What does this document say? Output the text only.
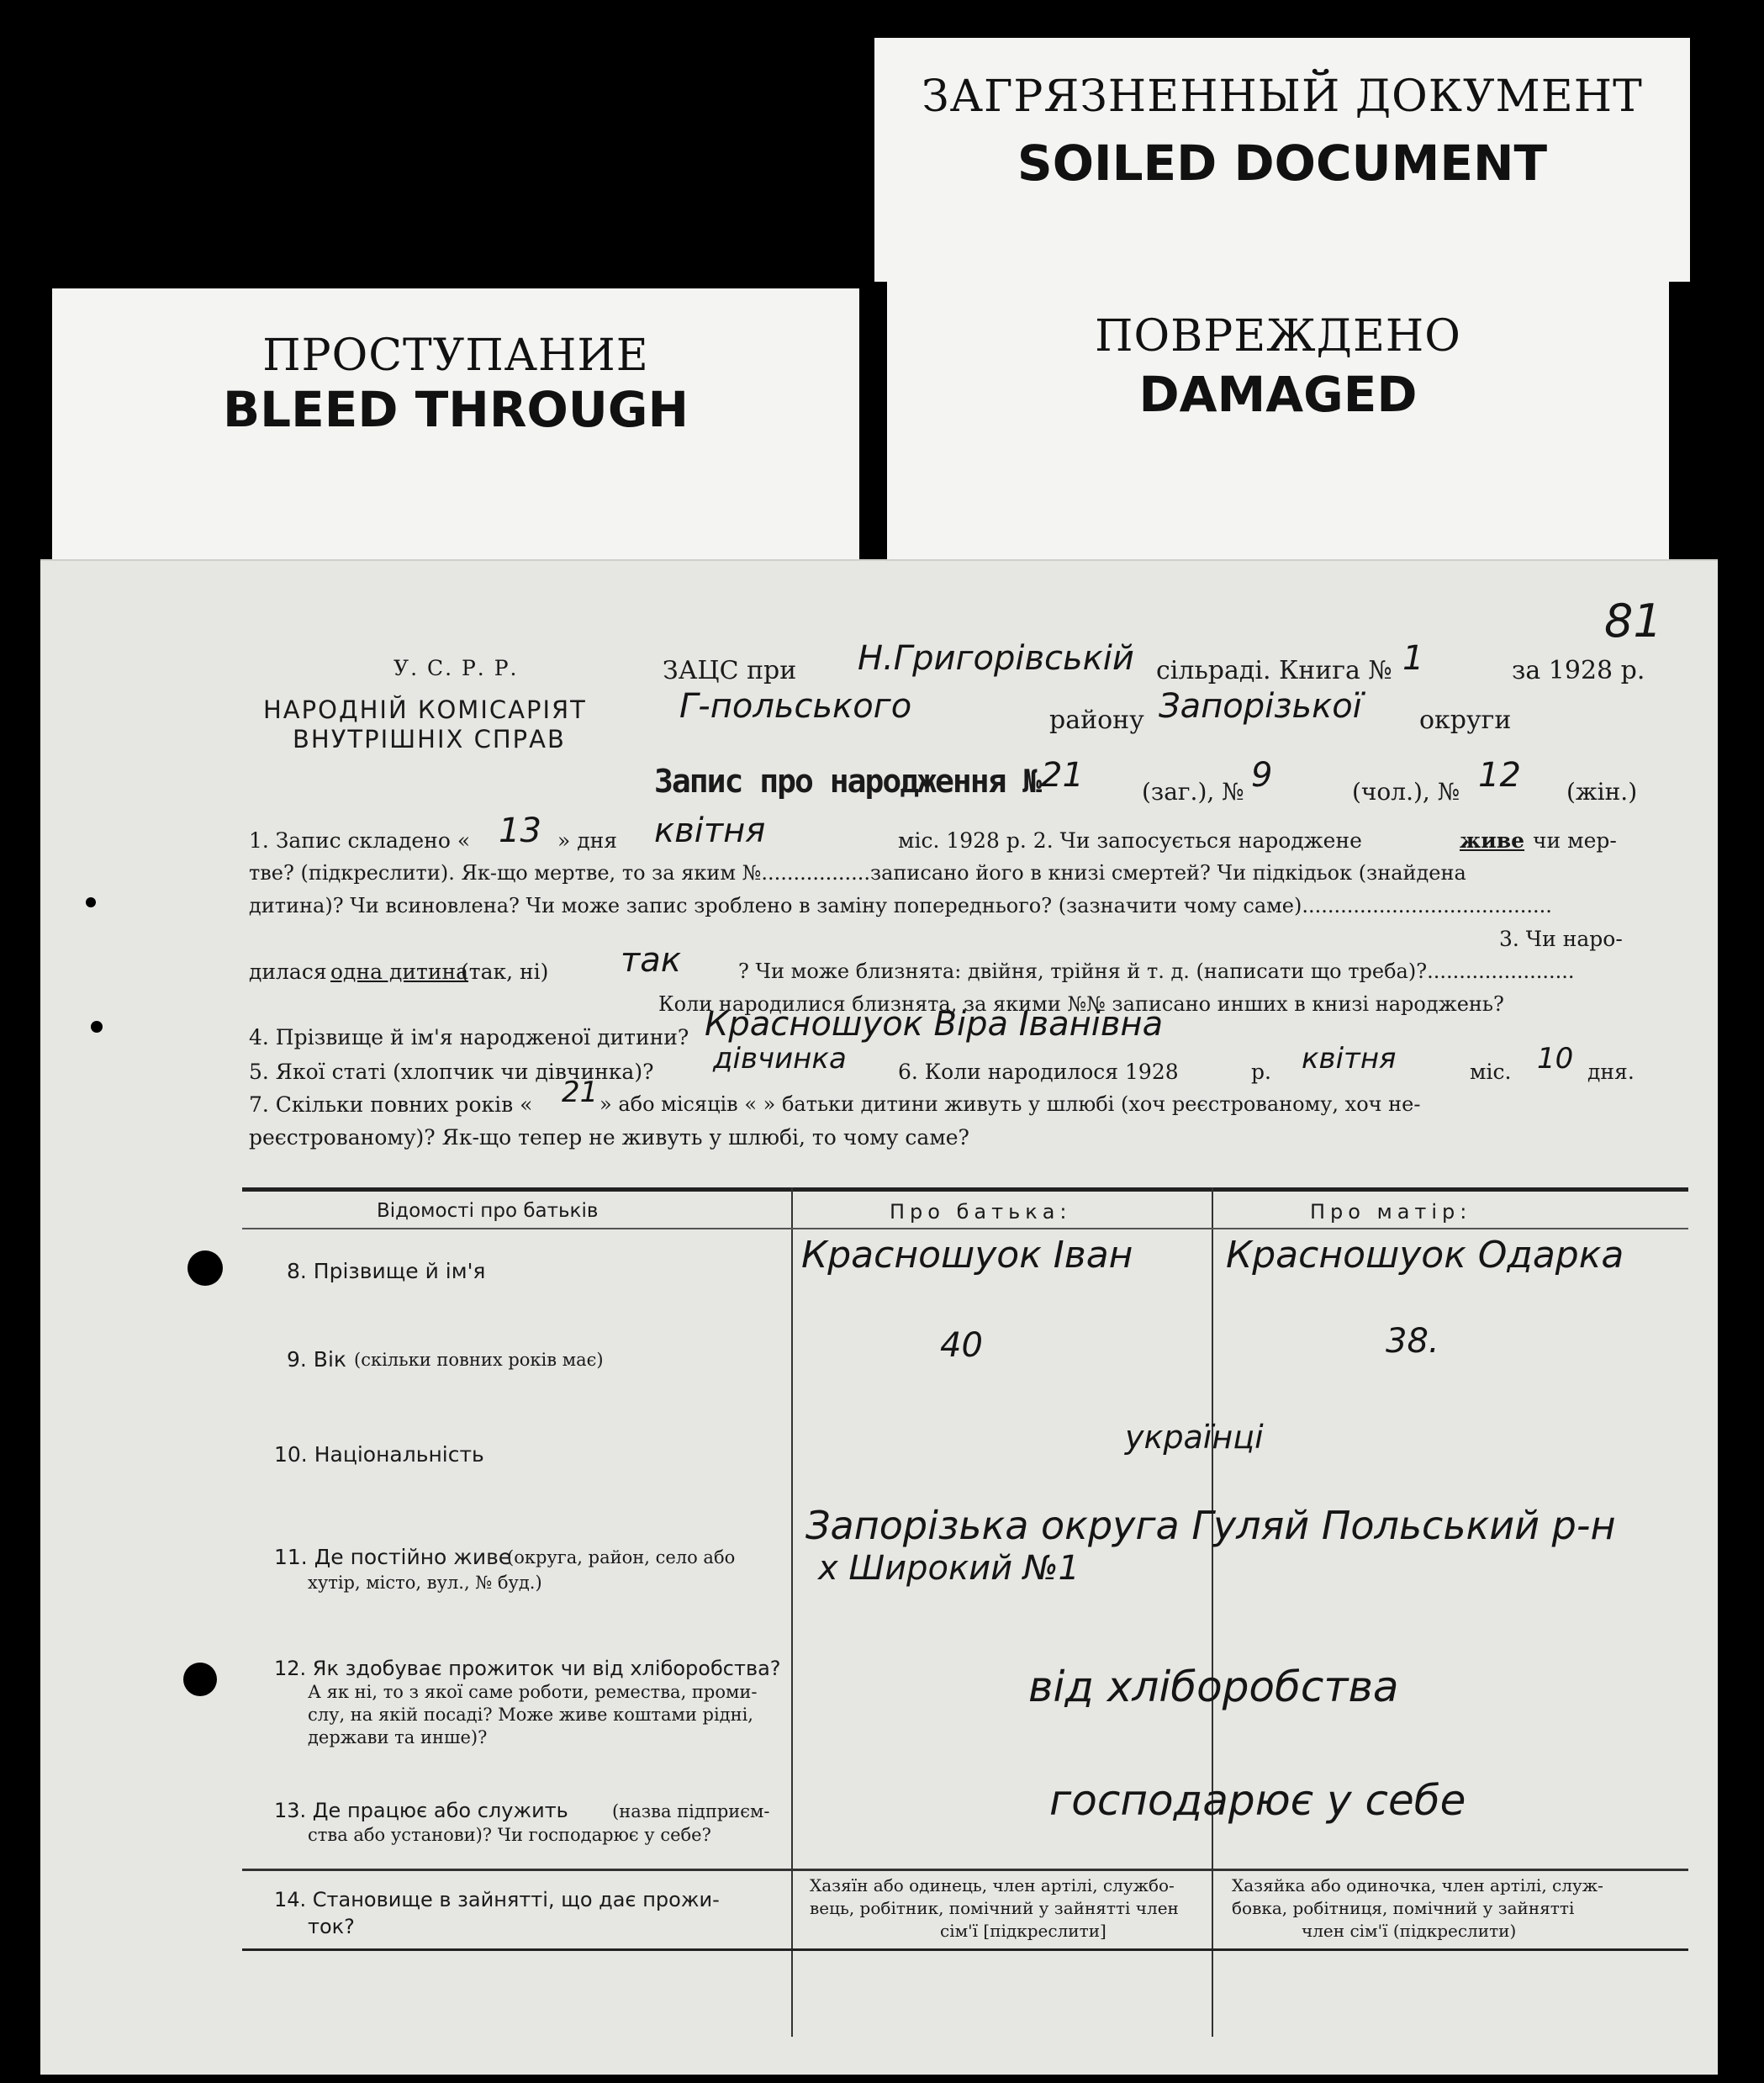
ЗАГРЯЗНЕННЫЙ ДОКУМЕНТ
SOILED DOCUMENT
ПРОСТУПАНИЕ
BLEED THROUGH
ПОВРЕЖДЕНО
DAMAGED
81
У. С. Р. Р.	ЗАЦС при Н.Григорівській сільраді. Книга № 1	за 1928 р.
НАРОДНІЙ КОМІСАРІЯТ
ВНУТРІШНІХ СПРАВ
Г-польського	району Запорізької округи
Запис про народження № 21 (заг.), № 9	(чол.), № 12 (жін.)
1. Запис складено « 13 » дня квітня	міс. 1928 р. 2. Чи запосується народжене	живе чи мер-
тве? (підкреслити). Як-що мертве, то за яким №.................записано його в книзі смертей? Чи підкідьок (знайдена
дитина)? Чи всиновлена? Чи може запис зроблено в заміну попереднього? (зазначити чому саме).......................................
3. Чи наро-
дилася одна дитина
(так, ні) так	? Чи може близнята: двійня, трійня й т. д. (написати що треба)?.......................
Коли народилися близнята, за якими №№ записано инших в книзі народжень?
4. Прізвище й ім'я народженої дитини? Красношуок Віра Іванівна
5. Якої статі (хлопчик чи дівчинка)? дівчинка 6. Коли народилося 1928	р. квітня	міс. 10 дня.
7. Скільки повних років « 21 » або місяців « » батьки дитини живуть у шлюбі (хоч реєстрованому, хоч не-
реєстрованому)? Як-що тепер не живуть у шлюбі, то чому саме?
Відомості про батьків	Про батька:	Про матір:
8. Прізвище й ім'я	Красношуок Іван	Красношуок Одарка
9. Вік (скільки повних років має)	40	38.
10. Національність	українці
11. Де постійно живе
(округа, район, село або
хутір, місто, вул., № буд.)
Запорізька округа Гуляй Польський р-н
х Широкий №1
12. Як здобуває прожиток чи від хліборобства?
А як ні, то з якої саме роботи, ремества, проми-
слу, на якій посаді? Може живе коштами рідні,
держави та инше)?
від хліборобства
13. Де працює або служить (назва підприєм-
ства або установи)? Чи господарює у себе?
господарює у себе
14. Становище в зайнятті, що дає прожи-
ток?
Хазяїн або одинець, член артілі, службо-
вець, робітник, помічний у зайнятті член
сім'ї [підкреслити]
Хазяйка або одиночка, член артілі, служ-
бовка, робітниця, помічний у зайнятті
член сім'ї (підкреслити)
